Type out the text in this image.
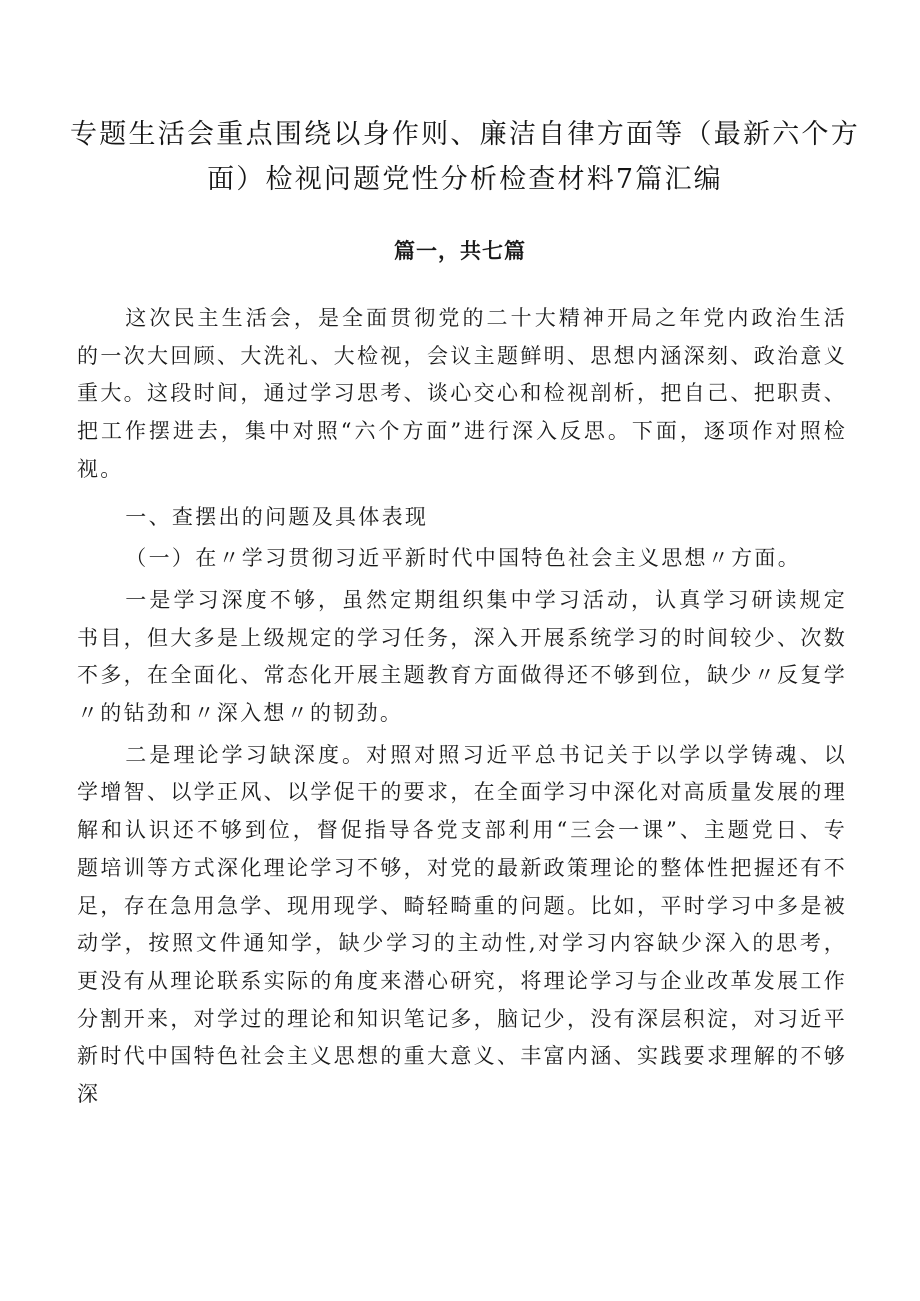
专题生活会重点围绕以身作则、廉洁自律方面等（最新六个方面）检视问题党性分析检查材料7篇汇编
篇一，共七篇

这次民主生活会，是全面贯彻党的二十大精神开局之年党内政治生活的一次大回顾、大洗礼、大检视，会议主题鲜明、思想内涵深刻、政治意义重大。这段时间，通过学习思考、谈心交心和检视剖析，把自己、把职责、把工作摆进去，集中对照“六个方面”进行深入反思。下面，逐项作对照检视。

一、查摆出的问题及具体表现

（一）在〃学习贯彻习近平新时代中国特色社会主义思想〃方面。

一是学习深度不够，虽然定期组织集中学习活动，认真学习研读规定书目，但大多是上级规定的学习任务，深入开展系统学习的时间较少、次数不多，在全面化、常态化开展主题教育方面做得还不够到位，缺少〃反复学〃的钻劲和〃深入想〃的韧劲。

二是理论学习缺深度。对照对照习近平总书记关于以学以学铸魂、以学增智、以学正风、以学促干的要求，在全面学习中深化对高质量发展的理解和认识还不够到位，督促指导各党支部利用“三会一课”、主题党日、专题培训等方式深化理论学习不够，对党的最新政策理论的整体性把握还有不足，存在急用急学、现用现学、畸轻畸重的问题。比如，平时学习中多是被动学，按照文件通知学，缺少学习的主动性,对学习内容缺少深入的思考，更没有从理论联系实际的角度来潜心研究，将理论学习与企业改革发展工作分割开来，对学过的理论和知识笔记多，脑记少，没有深层积淀，对习近平新时代中国特色社会主义思想的重大意义、丰富内涵、实践要求理解的不够深
